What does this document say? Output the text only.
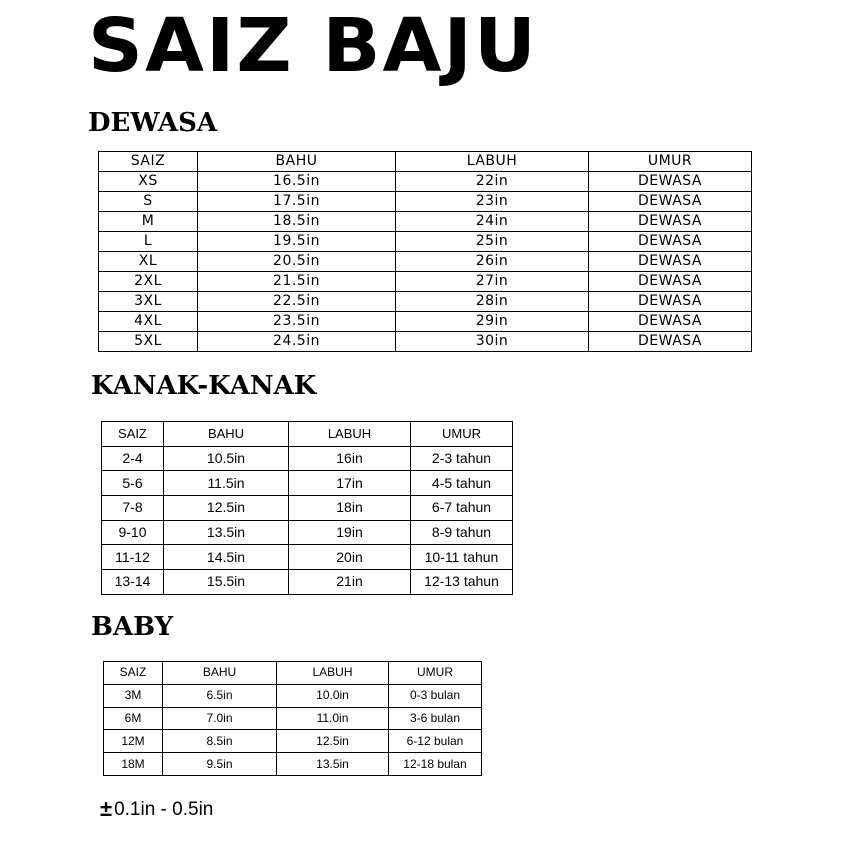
SAIZ BAJU
DEWASA
SAIZ	BAHU	LABUH	UMUR
XS	16.5in	22in	DEWASA
S	17.5in	23in	DEWASA
M	18.5in	24in	DEWASA
L	19.5in	25in	DEWASA
XL	20.5in	26in	DEWASA
2XL	21.5in	27in	DEWASA
3XL	22.5in	28in	DEWASA
4XL	23.5in	29in	DEWASA
5XL	24.5in	30in	DEWASA
KANAK-KANAK
SAIZ	BAHU	LABUH	UMUR
2-4	10.5in	16in	2-3 tahun
5-6	11.5in	17in	4-5 tahun
7-8	12.5in	18in	6-7 tahun
9-10	13.5in	19in	8-9 tahun
11-12	14.5in	20in	10-11 tahun
13-14	15.5in	21in	12-13 tahun
BABY
SAIZ	BAHU	LABUH	UMUR
3M	6.5in	10.0in	0-3 bulan
6M	7.0in	11.0in	3-6 bulan
12M	8.5in	12.5in	6-12 bulan
18M	9.5in	13.5in	12-18 bulan
± 0.1in - 0.5in
